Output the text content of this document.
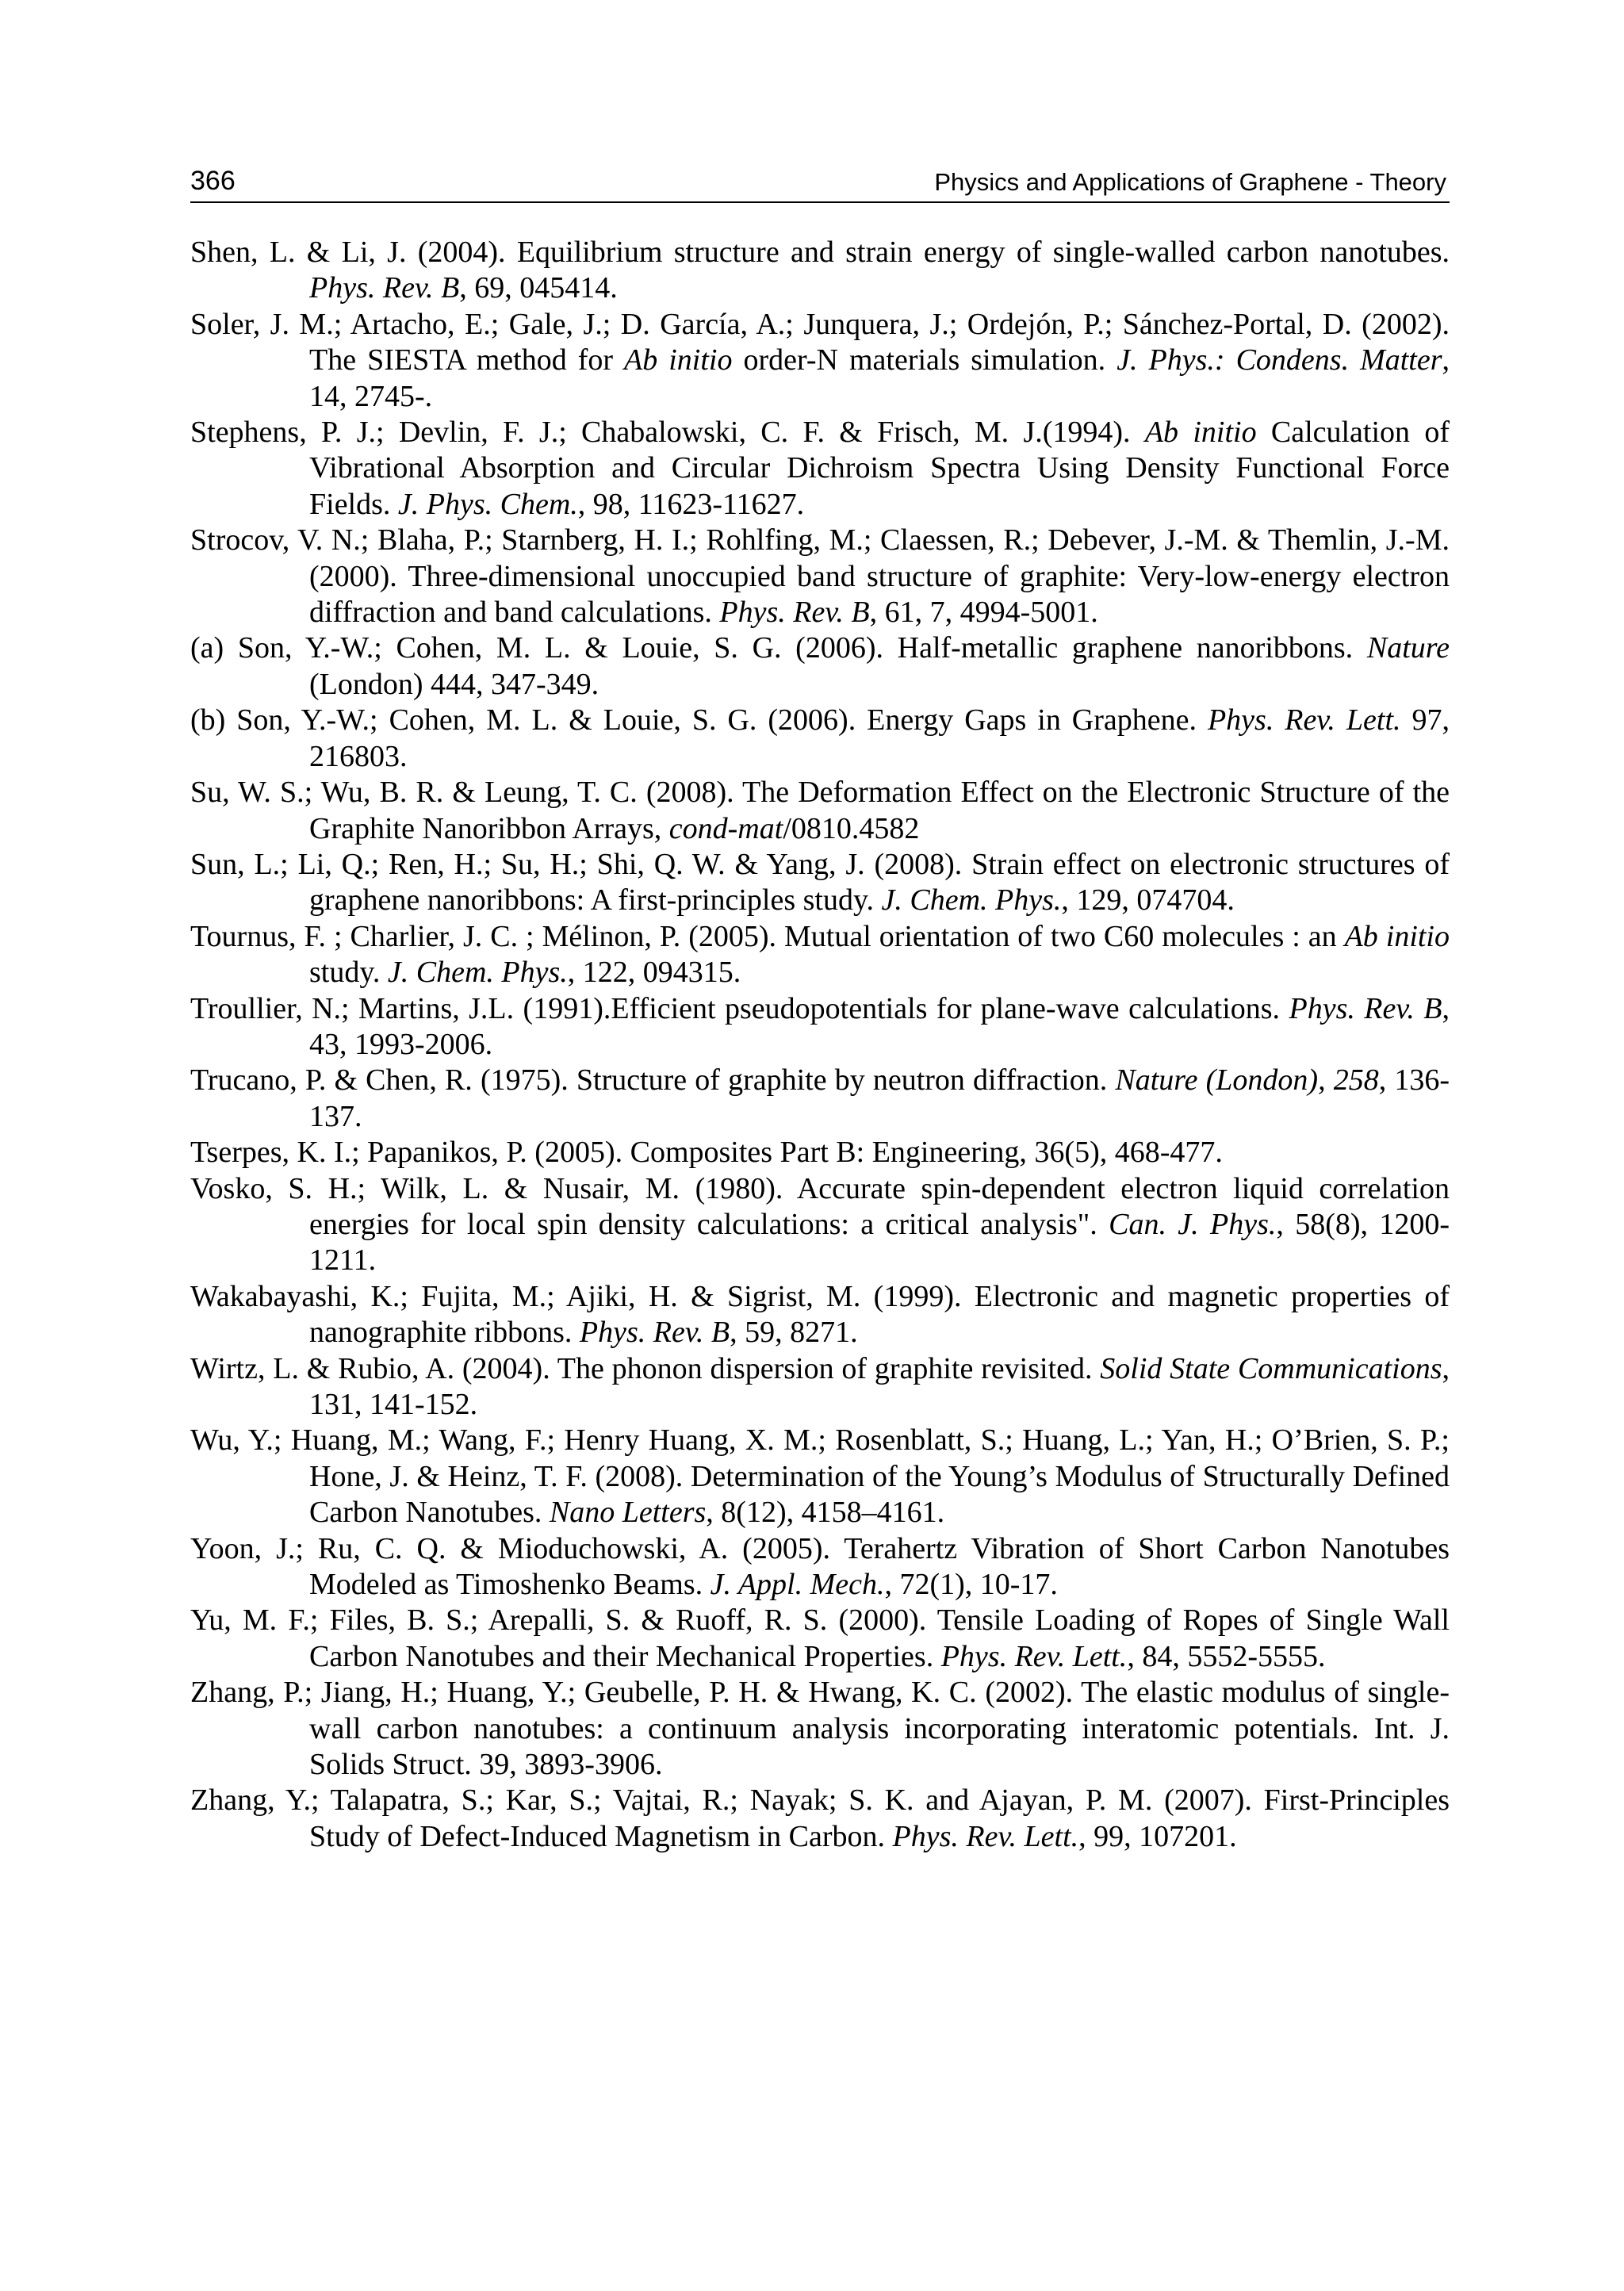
366	Physics and Applications of Graphene - Theory
Shen, L. & Li, J. (2004). Equilibrium structure and strain energy of single-walled carbon nanotubes. Phys. Rev. B, 69, 045414.
Soler, J. M.; Artacho, E.; Gale, J.; D. García, A.; Junquera, J.; Ordejón, P.; Sánchez-Portal, D. (2002). The SIESTA method for Ab initio order-N materials simulation. J. Phys.: Condens. Matter, 14, 2745-.
Stephens, P. J.; Devlin, F. J.; Chabalowski, C. F. & Frisch, M. J.(1994). Ab initio Calculation of Vibrational Absorption and Circular Dichroism Spectra Using Density Functional Force Fields. J. Phys. Chem., 98, 11623-11627.
Strocov, V. N.; Blaha, P.; Starnberg, H. I.; Rohlfing, M.; Claessen, R.; Debever, J.-M. & Themlin, J.-M. (2000). Three-dimensional unoccupied band structure of graphite: Very-low-energy electron diffraction and band calculations. Phys. Rev. B, 61, 7, 4994-5001.
(a) Son, Y.-W.; Cohen, M. L. & Louie, S. G. (2006). Half-metallic graphene nanoribbons. Nature (London) 444, 347-349.
(b) Son, Y.-W.; Cohen, M. L. & Louie, S. G. (2006). Energy Gaps in Graphene. Phys. Rev. Lett. 97, 216803.
Su, W. S.; Wu, B. R. & Leung, T. C. (2008). The Deformation Effect on the Electronic Structure of the Graphite Nanoribbon Arrays, cond-mat/0810.4582
Sun, L.; Li, Q.; Ren, H.; Su, H.; Shi, Q. W. & Yang, J. (2008). Strain effect on electronic structures of graphene nanoribbons: A first-principles study. J. Chem. Phys., 129, 074704.
Tournus, F. ; Charlier, J. C. ; Mélinon, P. (2005). Mutual orientation of two C60 molecules : an Ab initio study. J. Chem. Phys., 122, 094315.
Troullier, N.; Martins, J.L. (1991).Efficient pseudopotentials for plane-wave calculations. Phys. Rev. B, 43, 1993-2006.
Trucano, P. & Chen, R. (1975). Structure of graphite by neutron diffraction. Nature (London), 258, 136-137.
Tserpes, K. I.; Papanikos, P. (2005). Composites Part B: Engineering, 36(5), 468-477.
Vosko, S. H.; Wilk, L. & Nusair, M. (1980). Accurate spin-dependent electron liquid correlation energies for local spin density calculations: a critical analysis". Can. J. Phys., 58(8), 1200-1211.
Wakabayashi, K.; Fujita, M.; Ajiki, H. & Sigrist, M. (1999). Electronic and magnetic properties of nanographite ribbons. Phys. Rev. B, 59, 8271.
Wirtz, L. & Rubio, A. (2004). The phonon dispersion of graphite revisited. Solid State Communications, 131, 141-152.
Wu, Y.; Huang, M.; Wang, F.; Henry Huang, X. M.; Rosenblatt, S.; Huang, L.; Yan, H.; O’Brien, S. P.; Hone, J. & Heinz, T. F. (2008). Determination of the Young’s Modulus of Structurally Defined Carbon Nanotubes. Nano Letters, 8(12), 4158–4161.
Yoon, J.; Ru, C. Q. & Mioduchowski, A. (2005). Terahertz Vibration of Short Carbon Nanotubes Modeled as Timoshenko Beams. J. Appl. Mech., 72(1), 10-17.
Yu, M. F.; Files, B. S.; Arepalli, S. & Ruoff, R. S. (2000). Tensile Loading of Ropes of Single Wall Carbon Nanotubes and their Mechanical Properties. Phys. Rev. Lett., 84, 5552-5555.
Zhang, P.; Jiang, H.; Huang, Y.; Geubelle, P. H. & Hwang, K. C. (2002). The elastic modulus of single-wall carbon nanotubes: a continuum analysis incorporating interatomic potentials. Int. J. Solids Struct. 39, 3893-3906.
Zhang, Y.; Talapatra, S.; Kar, S.; Vajtai, R.; Nayak; S. K. and Ajayan, P. M. (2007). First-Principles Study of Defect-Induced Magnetism in Carbon. Phys. Rev. Lett., 99, 107201.
